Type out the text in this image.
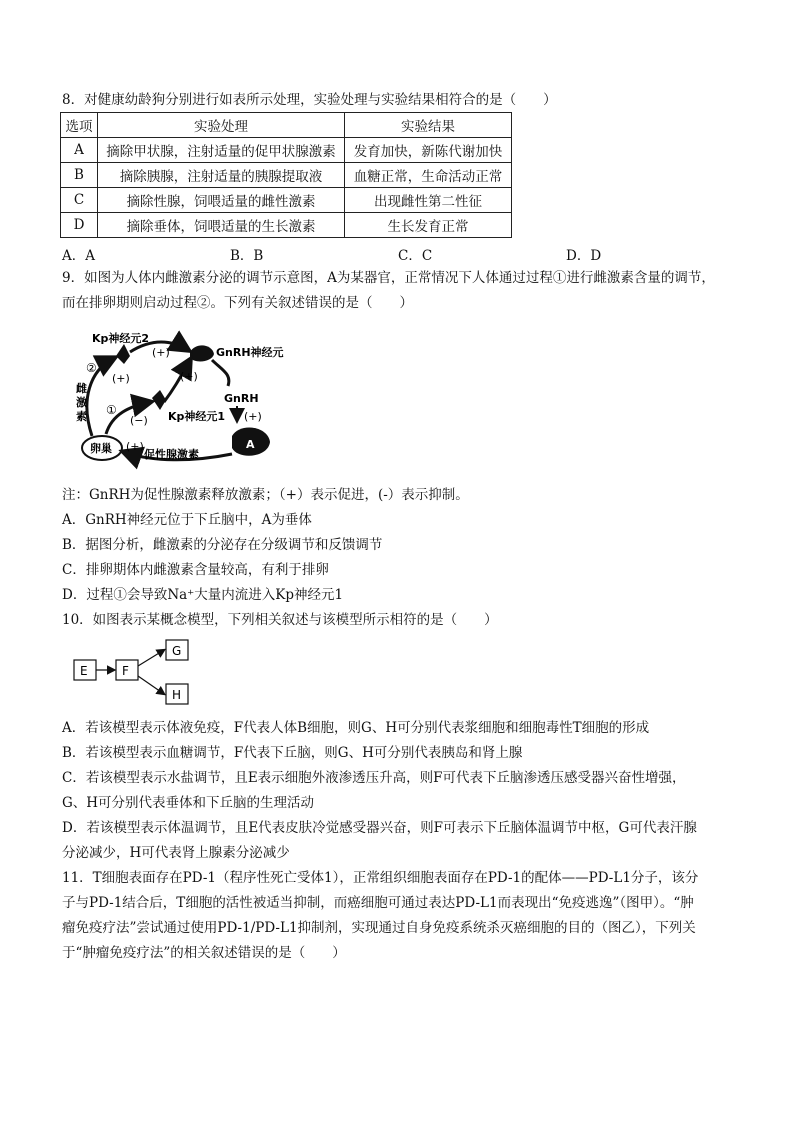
8．对健康幼龄狗分别进行如表所示处理，实验处理与实验结果相符合的是（　　）
选项	实验处理	实验结果
A	摘除甲状腺，注射适量的促甲状腺激素	发育加快，新陈代谢加快
B	摘除胰腺，注射适量的胰腺提取液	血糖正常，生命活动正常
C	摘除性腺，饲喂适量的雌性激素	出现雌性第二性征
D	摘除垂体，饲喂适量的生长激素	生长发育正常
A．A	B．B	C．C	D．D
9．如图为人体内雌激素分泌的调节示意图，A为某器官，正常情况下人体通过过程①进行雌激素含量的调节，
而在排卵期则启动过程②。下列有关叙述错误的是（　　）
Kp神经元2
GnRH神经元
(+)
GnRH
(+)
A
Kp神经元1
(+)
卵巢	促性腺激素
(+)
②
(+)
雌
激
素 ①
(−)
注：GnRH为促性腺激素释放激素；（+）表示促进，(-）表示抑制。
A．GnRH神经元位于下丘脑中，A为垂体
B．据图分析，雌激素的分泌存在分级调节和反馈调节
C．排卵期体内雌激素含量较高，有利于排卵
D．过程①会导致Na⁺大量内流进入Kp神经元1
10．如图表示某概念模型，下列相关叙述与该模型所示相符的是（　　）
E	F
G
H
A．若该模型表示体液免疫，F代表人体B细胞，则G、H可分别代表浆细胞和细胞毒性T细胞的形成
B．若该模型表示血糖调节，F代表下丘脑，则G、H可分别代表胰岛和肾上腺
C．若该模型表示水盐调节，且E表示细胞外液渗透压升高，则F可代表下丘脑渗透压感受器兴奋性增强，
G、H可分别代表垂体和下丘脑的生理活动
D．若该模型表示体温调节，且E代表皮肤冷觉感受器兴奋，则F可表示下丘脑体温调节中枢，G可代表汗腺
分泌减少，H可代表肾上腺素分泌减少
11．T细胞表面存在PD-1（程序性死亡受体1），正常组织细胞表面存在PD-1的配体——PD-L1分子，该分
子与PD-1结合后，T细胞的活性被适当抑制，而癌细胞可通过表达PD-L1而表现出“免疫逃逸”（图甲）。“肿
瘤免疫疗法”尝试通过使用PD-1/PD-L1抑制剂，实现通过自身免疫系统杀灭癌细胞的目的（图乙），下列关
于“肿瘤免疫疗法”的相关叙述错误的是（　　）
